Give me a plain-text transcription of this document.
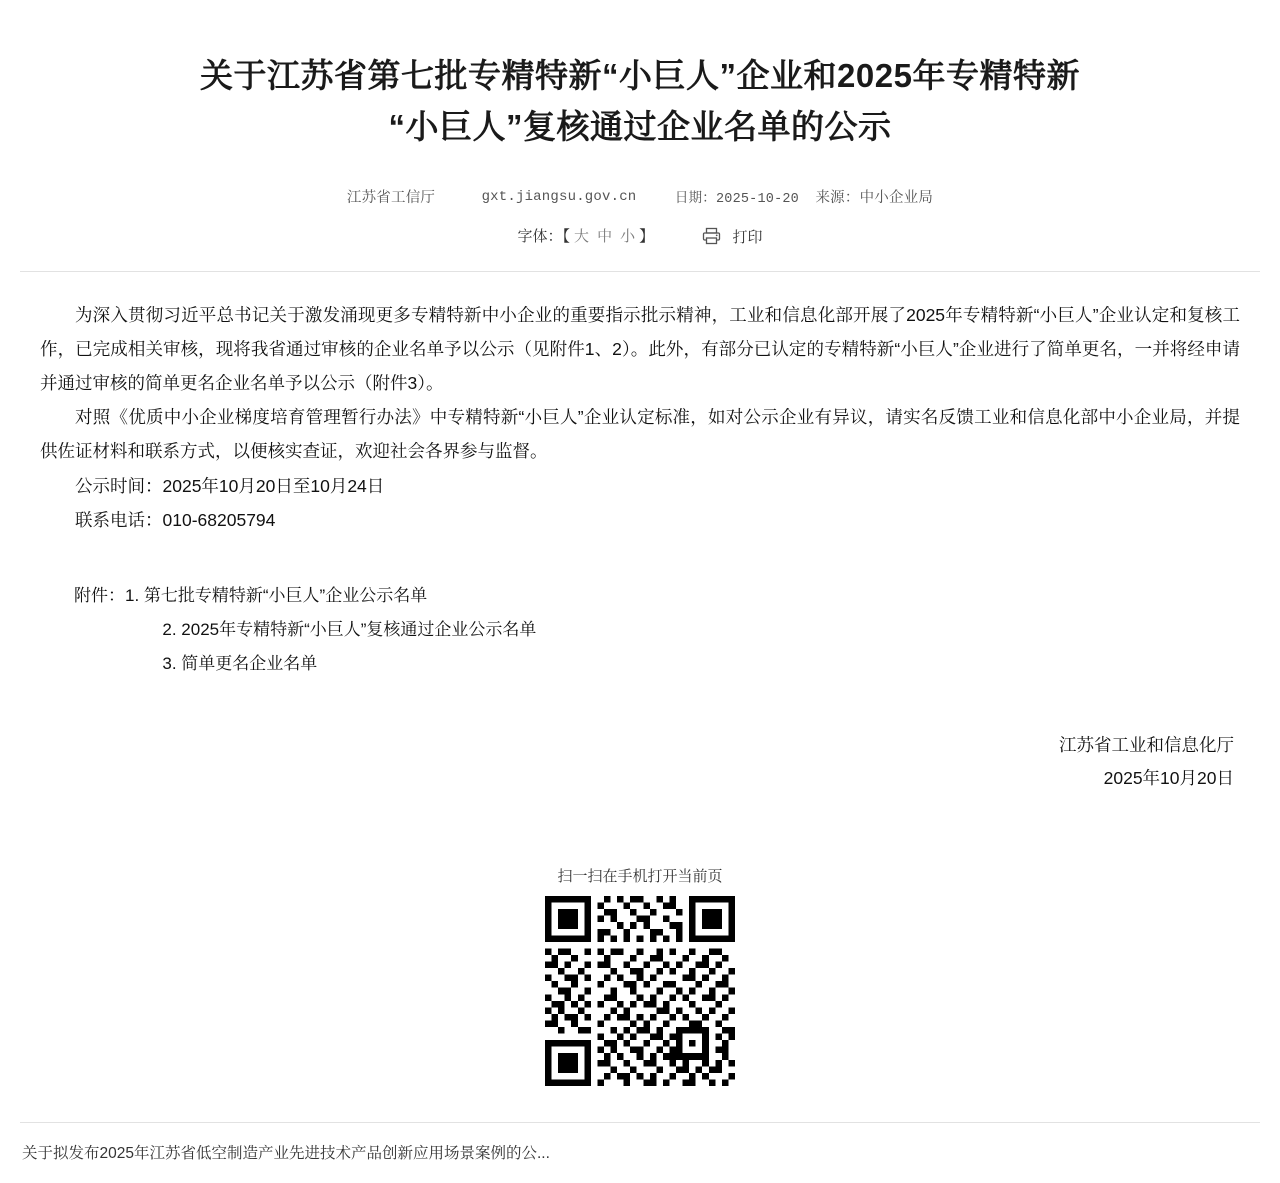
关于江苏省第七批专精特新“小巨人”企业和2025年专精特新
“小巨人”复核通过企业名单的公示
江苏省工信厅	gxt.jiangsu.gov.cn	日期：2025-10-20 来源：中小企业局
字体：【 大 中 小 】	打印

为深入贯彻习近平总书记关于激发涌现更多专精特新中小企业的重要指示批示精神，工业和信息化部开展了2025年专精特新“小巨人”企业认定和复核工作，已完成相关审核，现将我省通过审核的企业名单予以公示（见附件1、2）。此外，有部分已认定的专精特新“小巨人”企业进行了简单更名，一并将经申请并通过审核的简单更名企业名单予以公示（附件3）。

对照《优质中小企业梯度培育管理暂行办法》中专精特新“小巨人”企业认定标准，如对公示企业有异议，请实名反馈工业和信息化部中小企业局，并提供佐证材料和联系方式，以便核实查证，欢迎社会各界参与监督。

公示时间：2025年10月20日至10月24日

联系电话：010-68205794

附件：1. 第七批专精特新“小巨人”企业公示名单
2. 2025年专精特新“小巨人”复核通过企业公示名单
3. 简单更名企业名单
江苏省工业和信息化厅
2025年10月20日
扫一扫在手机打开当前页
关于拟发布2025年江苏省低空制造产业先进技术产品创新应用场景案例的公...
